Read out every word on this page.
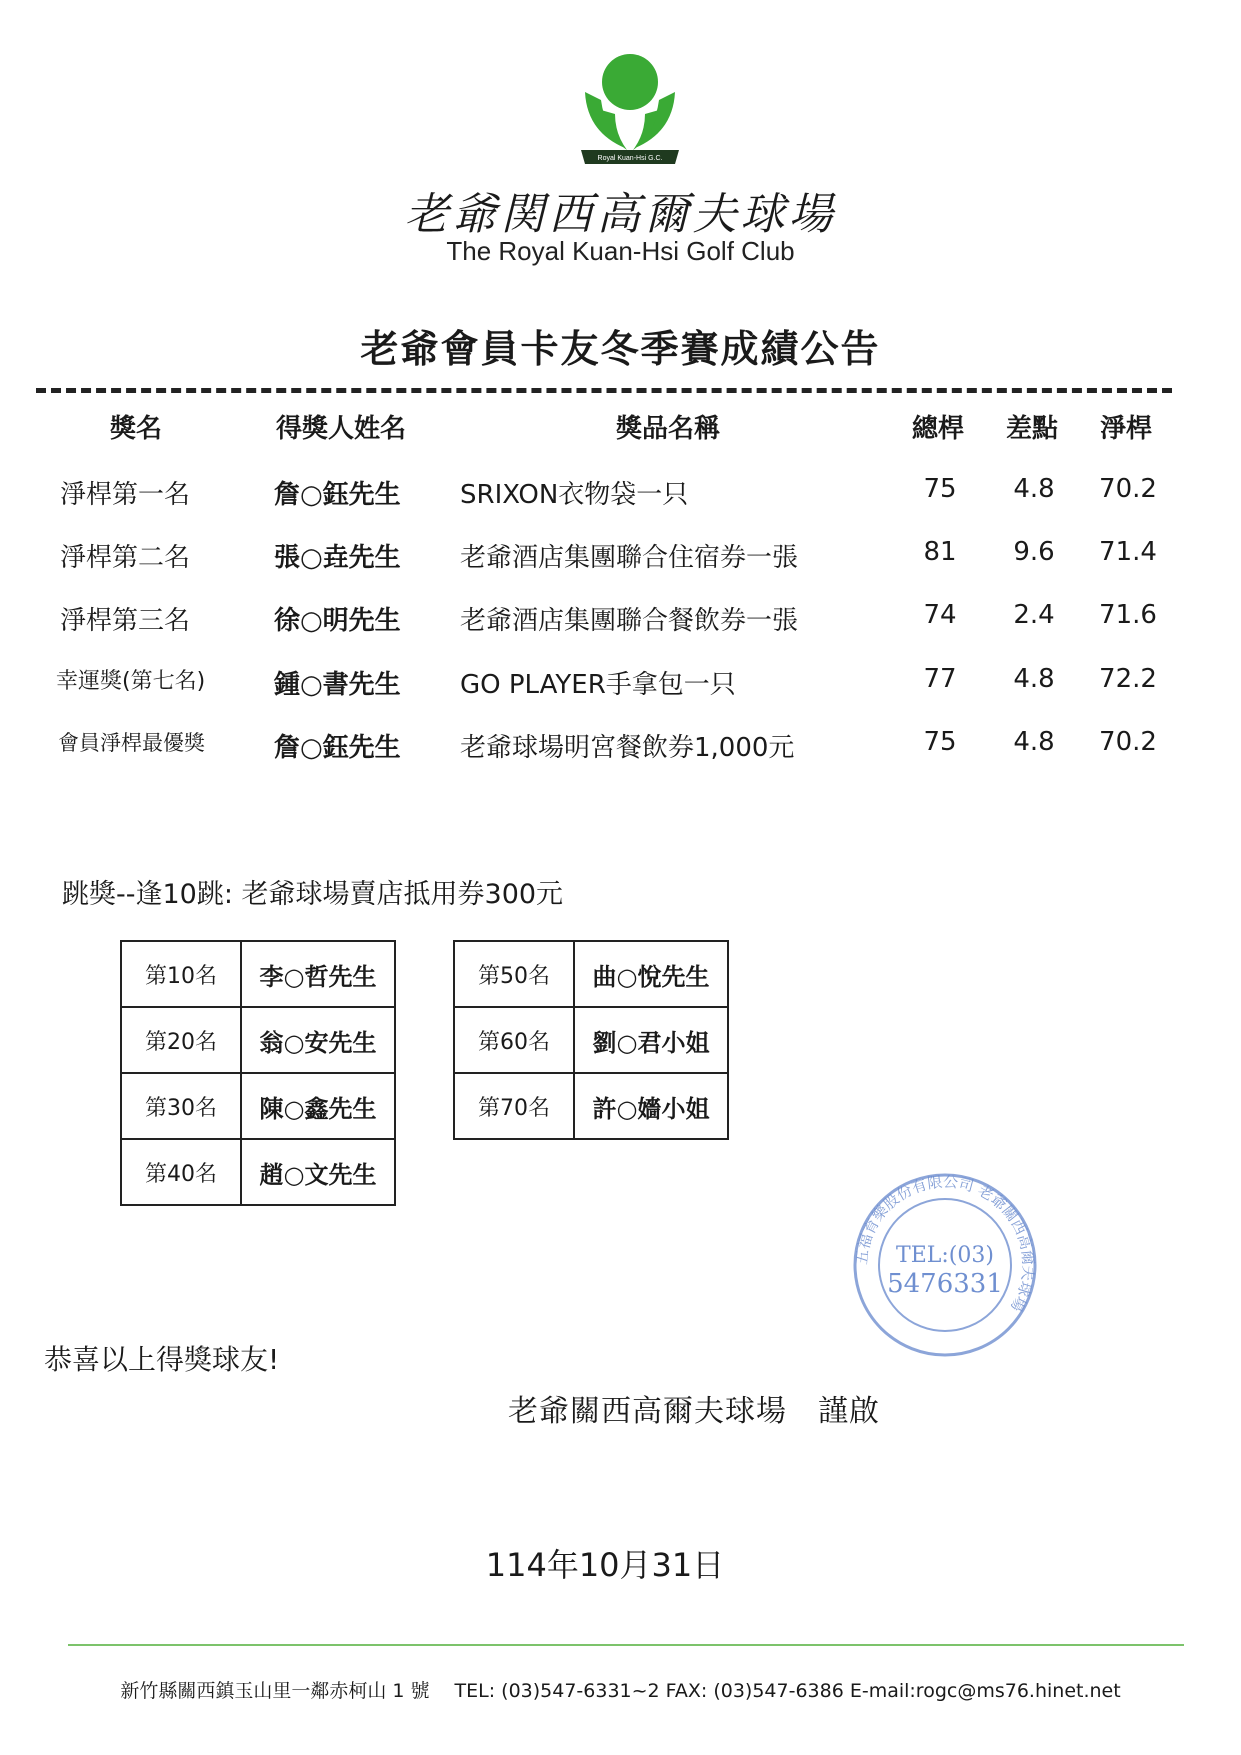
Royal Kuan-Hsi G.C.
老爺関西高爾夫球場
The Royal Kuan-Hsi Golf Club
老爺會員卡友冬季賽成績公告
獎名	得獎人姓名	獎品名稱	總桿 差點 淨桿
淨桿第一名	詹○鈺先生 SRIXON衣物袋一只	75	4.8	70.2
淨桿第二名	張○垚先生 老爺酒店集團聯合住宿券一張	81	9.6	71.4
淨桿第三名	徐○明先生 老爺酒店集團聯合餐飲券一張	74	2.4	71.6
幸運獎(第七名)	鍾○書先生 GO PLAYER手拿包一只	77	4.8	72.2
會員淨桿最優獎	詹○鈺先生 老爺球場明宮餐飲券1,000元	75	4.8	70.2
跳獎--逢10跳: 老爺球場賣店抵用券300元
第10名	李○哲先生
第20名	翁○安先生
第30名	陳○鑫先生
第40名	趙○文先生
第50名	曲○悅先生
第60名	劉○君小姐
第70名	許○嬙小姐
五福育樂股份有限公司 老爺關西高爾夫球場
TEL:(03)
5476331
恭喜以上得獎球友!
老爺關西高爾夫球場　謹啟
114年10月31日
新竹縣關西鎮玉山里一鄰赤柯山 1 號　 TEL: (03)547-6331~2 FAX: (03)547-6386 E-mail:rogc@ms76.hinet.net
